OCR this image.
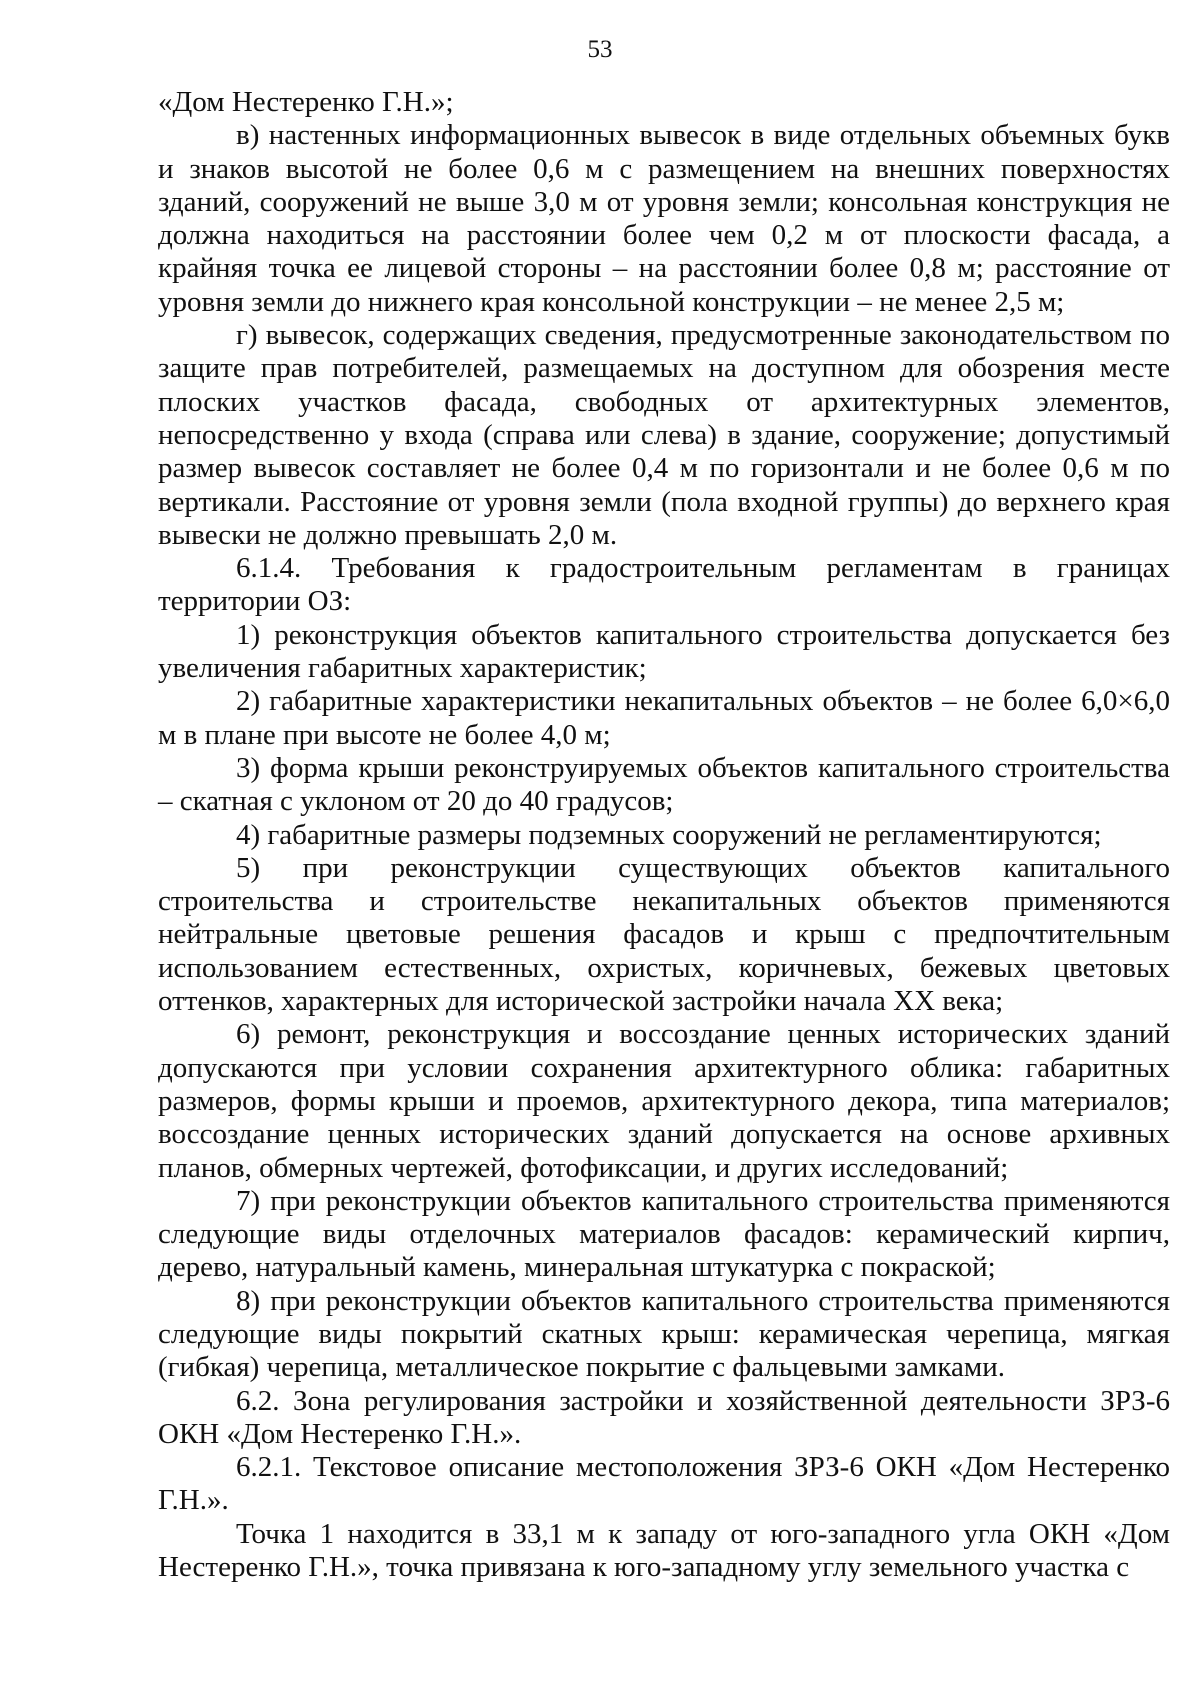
53

«Дом Нестеренко Г.Н.»;

в) настенных информационных вывесок в виде отдельных объемных букв и знаков высотой не более 0,6 м с размещением на внешних поверхностях зданий, сооружений не выше 3,0 м от уровня земли; консольная конструкция не должна находиться на расстоянии более чем 0,2 м от плоскости фасада, а крайняя точка ее лицевой стороны – на расстоянии более 0,8 м; расстояние от уровня земли до нижнего края консольной конструкции – не менее 2,5 м;

г) вывесок, содержащих сведения, предусмотренные законодательством по защите прав потребителей, размещаемых на доступном для обозрения месте плоских участков фасада, свободных от архитектурных элементов, непосредственно у входа (справа или слева) в здание, сооружение; допустимый размер вывесок составляет не более 0,4 м по горизонтали и не более 0,6 м по вертикали. Расстояние от уровня земли (пола входной группы) до верхнего края вывески не должно превышать 2,0 м.

6.1.4. Требования к градостроительным регламентам в границах территории ОЗ:

1) реконструкция объектов капитального строительства допускается без увеличения габаритных характеристик;

2) габаритные характеристики некапитальных объектов – не более 6,0×6,0 м в плане при высоте не более 4,0 м;

3) форма крыши реконструируемых объектов капитального строительства – скатная с уклоном от 20 до 40 градусов;

4) габаритные размеры подземных сооружений не регламентируются;

5) при реконструкции существующих объектов капитального строительства и строительстве некапитальных объектов применяются нейтральные цветовые решения фасадов и крыш с предпочтительным использованием естественных, охристых, коричневых, бежевых цветовых оттенков, характерных для исторической застройки начала XX века;

6) ремонт, реконструкция и воссоздание ценных исторических зданий допускаются при условии сохранения архитектурного облика: габаритных размеров, формы крыши и проемов, архитектурного декора, типа материалов; воссоздание ценных исторических зданий допускается на основе архивных планов, обмерных чертежей, фотофиксации, и других исследований;

7) при реконструкции объектов капитального строительства применяются следующие виды отделочных материалов фасадов: керамический кирпич, дерево, натуральный камень, минеральная штукатурка с покраской;

8) при реконструкции объектов капитального строительства применяются следующие виды покрытий скатных крыш: керамическая черепица, мягкая (гибкая) черепица, металлическое покрытие с фальцевыми замками.

6.2. Зона регулирования застройки и хозяйственной деятельности ЗРЗ-6 ОКН «Дом Нестеренко Г.Н.».

6.2.1. Текстовое описание местоположения ЗРЗ-6 ОКН «Дом Нестеренко Г.Н.».

Точка 1 находится в 33,1 м к западу от юго-западного угла ОКН «Дом Нестеренко Г.Н.», точка привязана к юго-западному углу земельного участка с
